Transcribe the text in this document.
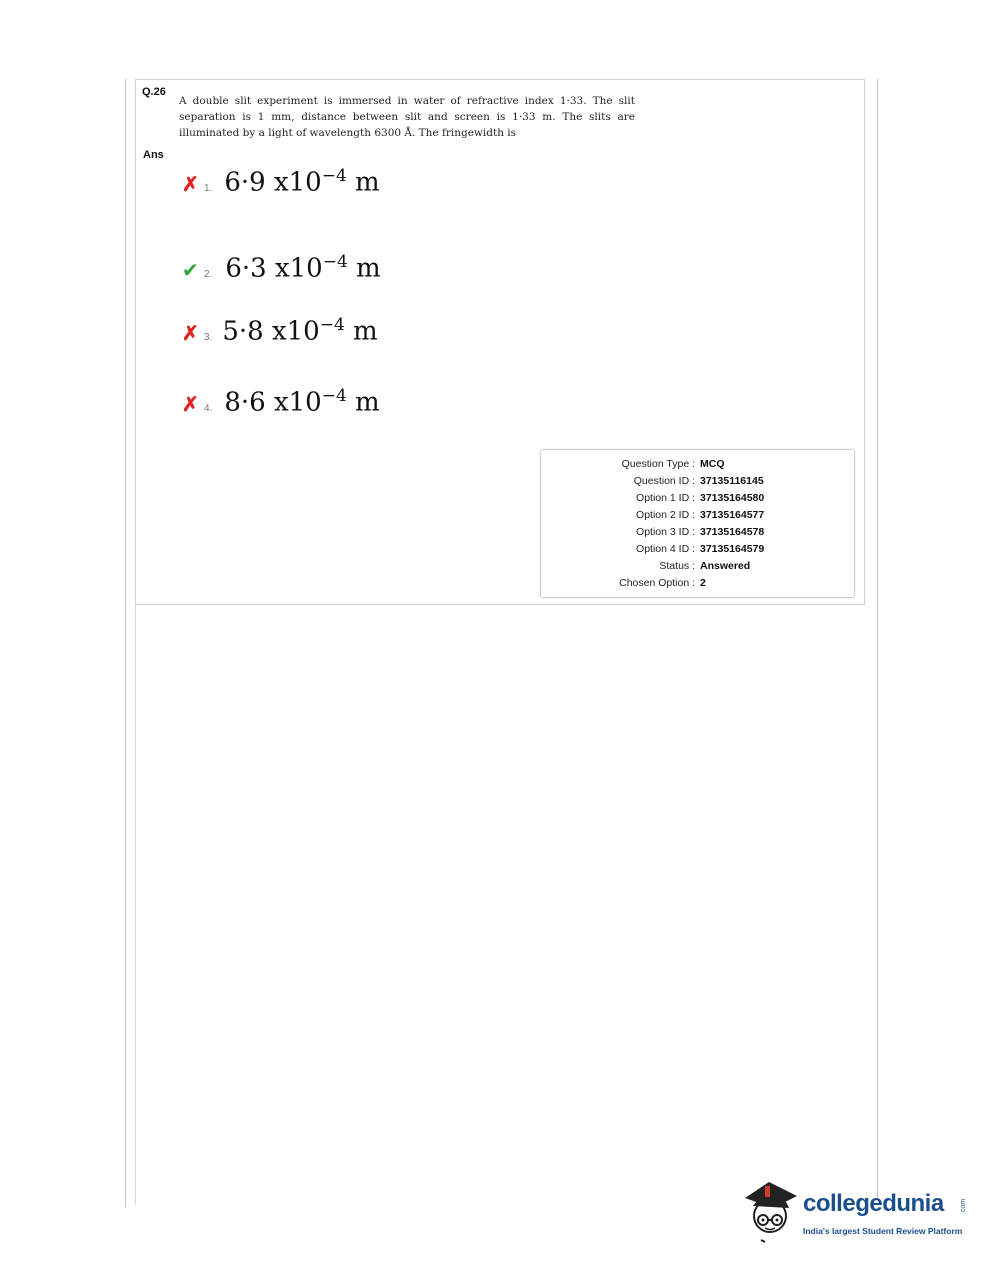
Q.26
A double slit experiment is immersed in water of refractive index 1·33. The slit separation is 1 mm, distance between slit and screen is 1·33 m. The slits are illuminated by a light of wavelength 6300 Å. The fringewidth is
Ans
✗ 1. 6·9 $x10^{-4}$ m
✔ 2. 6·3 $x10^{-4}$ m
✗ 3. 5·8 $x10^{-4}$ m
✗ 4. 8·6 $x10^{-4}$ m
Question Type : MCQ
Question ID : 37135116145
Option 1 ID : 37135164580
Option 2 ID : 37135164577
Option 3 ID : 37135164578
Option 4 ID : 37135164579
Status : Answered
Chosen Option : 2
collegedunia .com
India's largest Student Review Platform
